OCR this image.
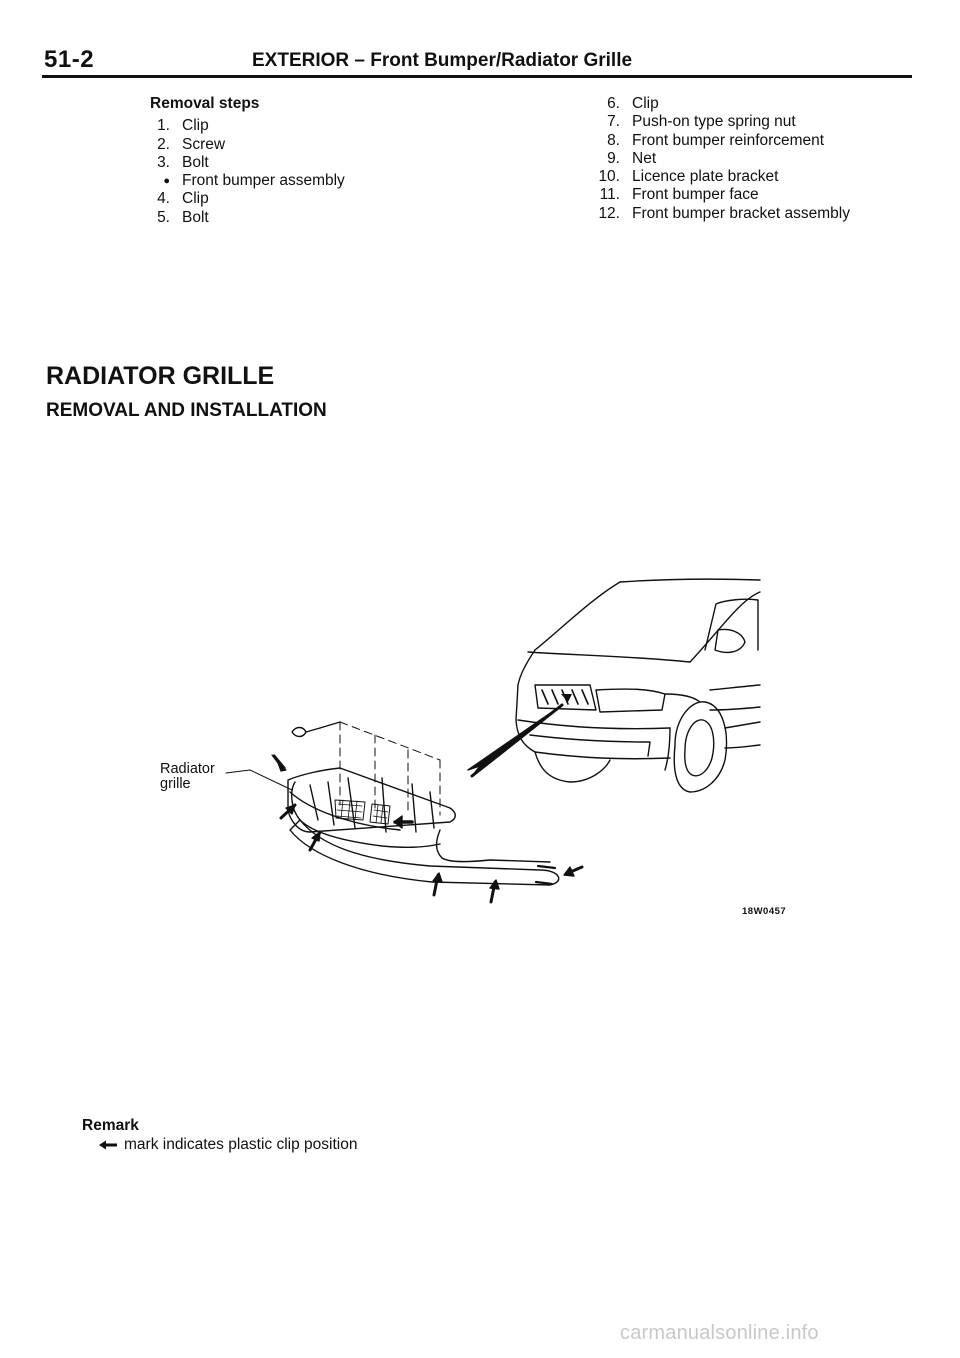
51-2	EXTERIOR – Front Bumper/Radiator Grille
Removal steps
1. Clip
2. Screw
3. Bolt
● Front bumper assembly
4. Clip
5. Bolt
6. Clip
7. Push-on type spring nut
8. Front bumper reinforcement
9. Net
10. Licence plate bracket
11. Front bumper face
12. Front bumper bracket assembly
RADIATOR GRILLE
REMOVAL AND INSTALLATION
Radiator
grille
18W0457
Remark
mark indicates plastic clip position
carmanualsonline.info
